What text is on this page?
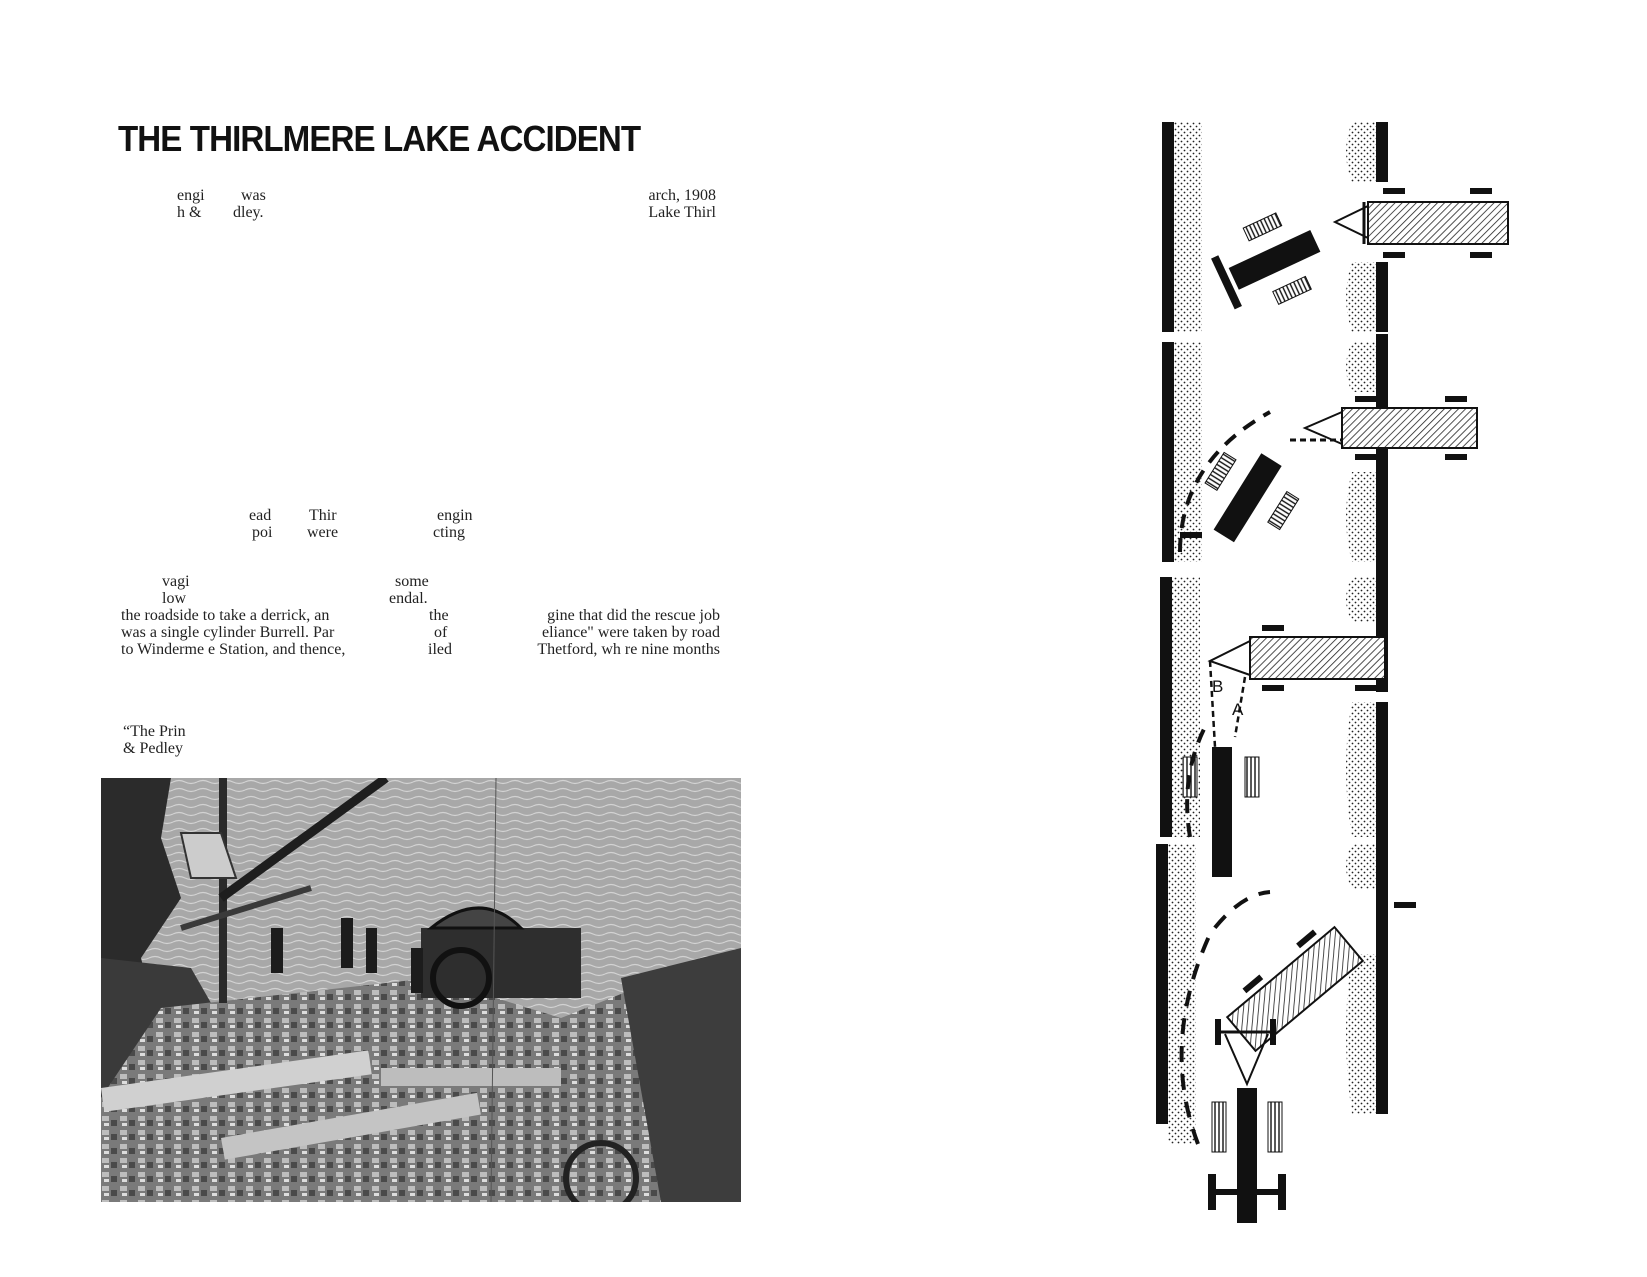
THE THIRLMERE LAKE ACCIDENT
engi was
h & dley.
arch, 1908
Lake Thirl
ead Thir
poi were
engin
cting
vagi
low
some
endal.
the roadside to take a derrick, an	the	gine that did the rescue job
was a single cylinder Burrell. Par	of	eliance" were taken by road
to Winderme e Station, and thence,	iled	Thetford, wh re nine months
“The Prin
& Pedley
B
A
